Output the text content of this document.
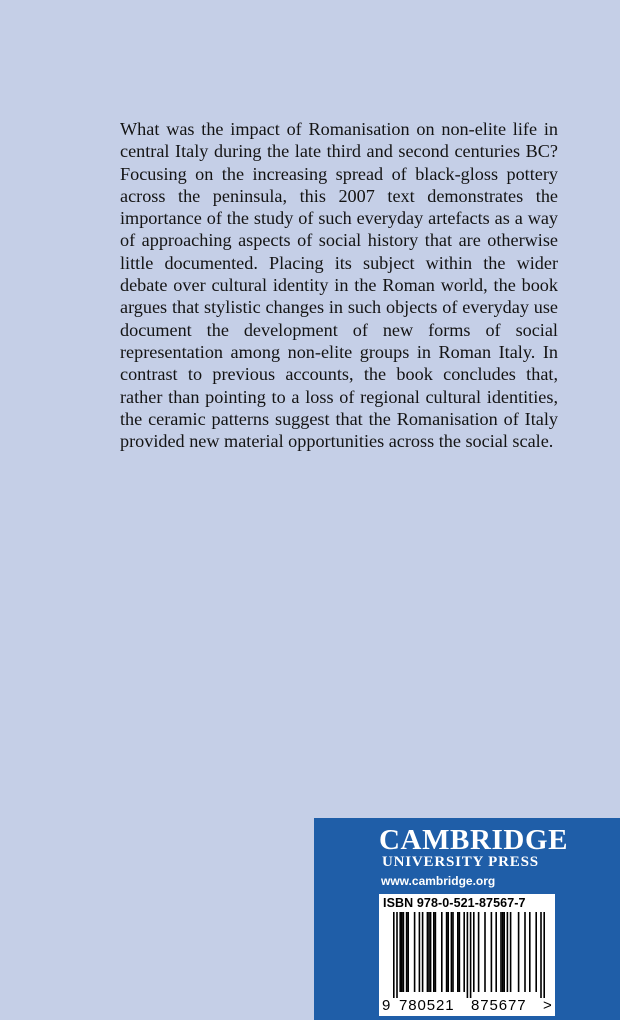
What was the impact of Romanisation on non-elite life in central Italy during the late third and second centuries BC? Focusing on the increasing spread of black-gloss pottery across the peninsula, this 2007 text demonstrates the importance of the study of such everyday artefacts as a way of approaching aspects of social history that are otherwise little documented. Placing its subject within the wider debate over cultural identity in the Roman world, the book argues that stylistic changes in such objects of everyday use document the development of new forms of social representation among non-elite groups in Roman Italy. In contrast to previous accounts, the book concludes that, rather than pointing to a loss of regional cultural identities, the ceramic patterns suggest that the Romanisation of Italy provided new material opportunities across the social scale.

CAMBRIDGE
UNIVERSITY PRESS
www.cambridge.org
ISBN 978-0-521-87567-7
9 780521 875677 >
